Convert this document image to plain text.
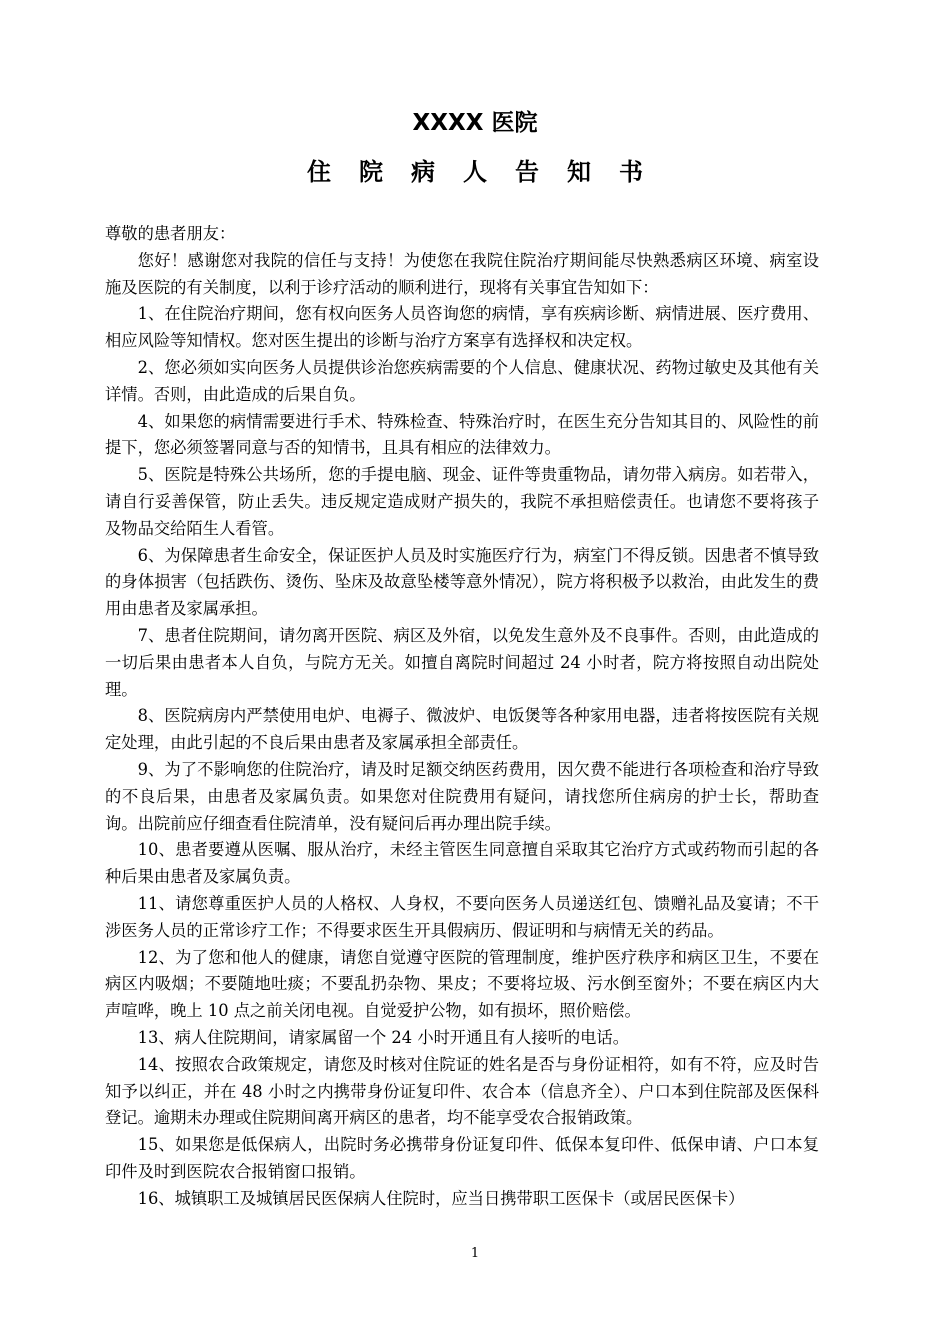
XXXX 医院
住院病人告知书

尊敬的患者朋友：

您好！感谢您对我院的信任与支持！为使您在我院住院治疗期间能尽快熟悉病区环境、病室设施及医院的有关制度，以利于诊疗活动的顺利进行，现将有关事宜告知如下：

1、在住院治疗期间，您有权向医务人员咨询您的病情，享有疾病诊断、病情进展、医疗费用、相应风险等知情权。您对医生提出的诊断与治疗方案享有选择权和决定权。

2、您必须如实向医务人员提供诊治您疾病需要的个人信息、健康状况、药物过敏史及其他有关详情。否则，由此造成的后果自负。

4、如果您的病情需要进行手术、特殊检查、特殊治疗时，在医生充分告知其目的、风险性的前提下，您必须签署同意与否的知情书，且具有相应的法律效力。

5、医院是特殊公共场所，您的手提电脑、现金、证件等贵重物品，请勿带入病房。如若带入，请自行妥善保管，防止丢失。违反规定造成财产损失的，我院不承担赔偿责任。也请您不要将孩子及物品交给陌生人看管。

6、为保障患者生命安全，保证医护人员及时实施医疗行为，病室门不得反锁。因患者不慎导致的身体损害（包括跌伤、烫伤、坠床及故意坠楼等意外情况），院方将积极予以救治，由此发生的费用由患者及家属承担。

7、患者住院期间，请勿离开医院、病区及外宿，以免发生意外及不良事件。否则，由此造成的一切后果由患者本人自负，与院方无关。如擅自离院时间超过 24 小时者，院方将按照自动出院处理。

8、医院病房内严禁使用电炉、电褥子、微波炉、电饭煲等各种家用电器，违者将按医院有关规定处理，由此引起的不良后果由患者及家属承担全部责任。

9、为了不影响您的住院治疗，请及时足额交纳医药费用，因欠费不能进行各项检查和治疗导致的不良后果，由患者及家属负责。如果您对住院费用有疑问，请找您所住病房的护士长，帮助查询。出院前应仔细查看住院清单，没有疑问后再办理出院手续。

10、患者要遵从医嘱、服从治疗，未经主管医生同意擅自采取其它治疗方式或药物而引起的各种后果由患者及家属负责。

11、请您尊重医护人员的人格权、人身权，不要向医务人员递送红包、馈赠礼品及宴请；不干涉医务人员的正常诊疗工作；不得要求医生开具假病历、假证明和与病情无关的药品。

12、为了您和他人的健康，请您自觉遵守医院的管理制度，维护医疗秩序和病区卫生，不要在病区内吸烟；不要随地吐痰；不要乱扔杂物、果皮；不要将垃圾、污水倒至窗外；不要在病区内大声喧哗，晚上 10 点之前关闭电视。自觉爱护公物，如有损坏，照价赔偿。

13、病人住院期间，请家属留一个 24 小时开通且有人接听的电话。

14、按照农合政策规定，请您及时核对住院证的姓名是否与身份证相符，如有不符，应及时告知予以纠正，并在 48 小时之内携带身份证复印件、农合本（信息齐全）、户口本到住院部及医保科登记。逾期未办理或住院期间离开病区的患者，均不能享受农合报销政策。

15、如果您是低保病人，出院时务必携带身份证复印件、低保本复印件、低保申请、户口本复印件及时到医院农合报销窗口报销。

16、城镇职工及城镇居民医保病人住院时，应当日携带职工医保卡（或居民医保卡）

1
